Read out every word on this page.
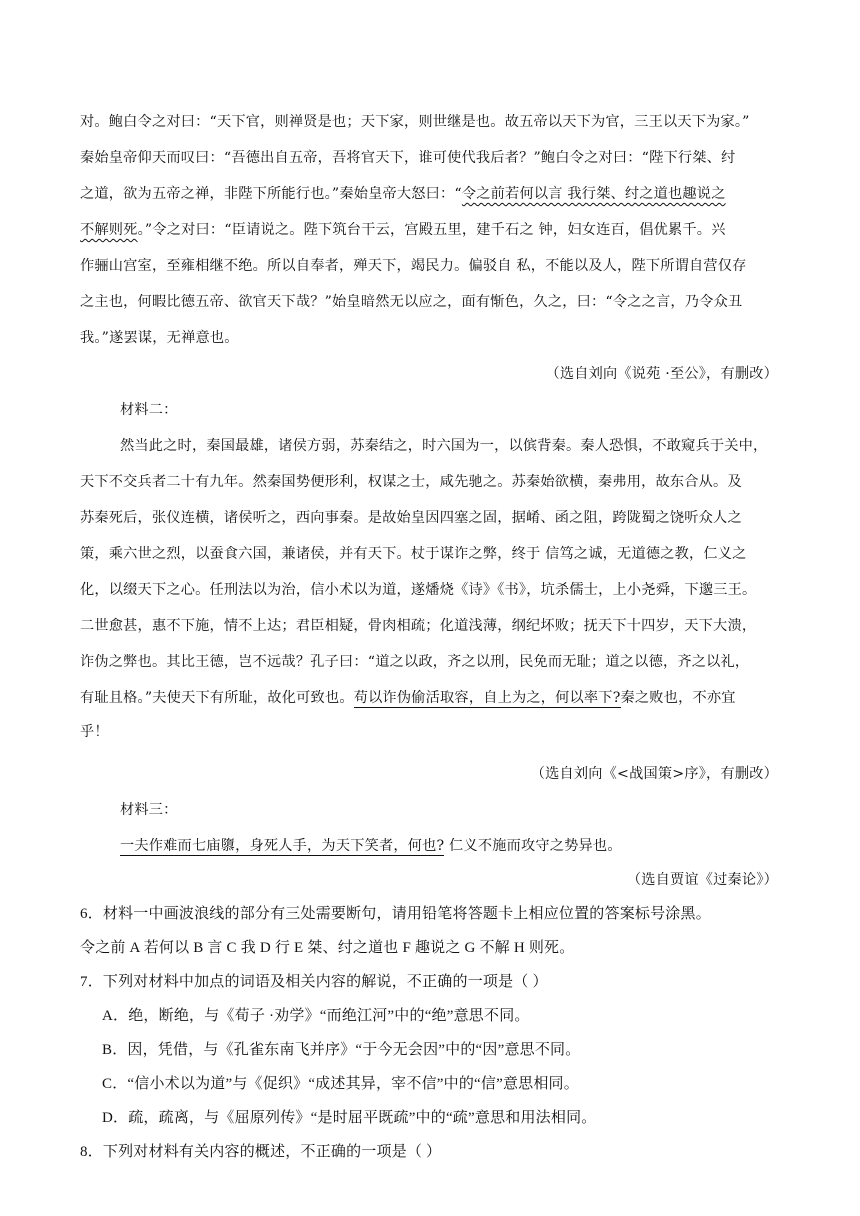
对。鲍白令之对曰：“天下官，则禅贤是也；天下家，则世继是也。故五帝以天下为官，三王以天下为家。”
秦始皇帝仰天而叹曰：“吾德出自五帝，吾将官天下，谁可使代我后者？”鲍白令之对曰：“陛下行桀、纣
之道，欲为五帝之禅，非陛下所能行也。”秦始皇帝大怒曰：“令之前若何以言 我行桀、纣之道也趣说之
不解则死。”令之对曰：“臣请说之。陛下筑台干云，宫殿五里，建千石之 钟，妇女连百，倡优累千。兴
作骊山宫室，至雍相继不绝。所以自奉者，殚天下，竭民力。偏驳自 私，不能以及人，陛下所谓自营仅存
之主也，何暇比德五帝、欲官天下哉？”始皇暗然无以应之，面有惭色，久之，曰：“令之之言，乃令众丑
我。”遂罢谋，无禅意也。
（选自刘向《说苑 ·至公》，有删改）
材料二：
然当此之时，秦国最雄，诸侯方弱，苏秦结之，时六国为一，以傧背秦。秦人恐惧，不敢窥兵于关中，
天下不交兵者二十有九年。然秦国势便形利，权谋之士，咸先驰之。苏秦始欲横，秦弗用，故东合从。及
苏秦死后，张仪连横，诸侯听之，西向事秦。是故始皇因四塞之固，据崤、函之阻，跨陇蜀之饶听众人之
策，乘六世之烈，以蚕食六国，兼诸侯，并有天下。杖于谋诈之弊，终于 信笃之诚，无道德之教，仁义之
化，以缀天下之心。任刑法以为治，信小术以为道，遂燔烧《诗》《书》，坑杀儒士，上小尧舜，下邈三王。
二世愈甚，惠不下施，情不上达；君臣相疑，骨肉相疏；化道浅薄，纲纪坏败；抚天下十四岁，天下大溃，
诈伪之弊也。其比王德，岂不远哉？孔子曰：“道之以政，齐之以刑，民免而无耻；道之以德，齐之以礼，
有耻且格。”夫使天下有所耻，故化可致也。苟以诈伪偷活取容，自上为之，何以率下?秦之败也，不亦宜
乎！
（选自刘向《<战国策>序》，有删改）
材料三：
一夫作难而七庙隳，身死人手，为天下笑者，何也? 仁义不施而攻守之势异也。
（选自贾谊《过秦论》）
6．材料一中画波浪线的部分有三处需要断句，请用铅笔将答题卡上相应位置的答案标号涂黑。
令之前 A 若何以 B 言 C 我 D 行 E 桀、纣之道也 F 趣说之 G 不解 H 则死。
7．下列对材料中加点的词语及相关内容的解说，不正确的一项是（ ）
A．绝，断绝，与《荀子 ·劝学》“而绝江河”中的“绝”意思不同。
B．因，凭借，与《孔雀东南飞并序》“于今无会因”中的“因”意思不同。
C．“信小术以为道”与《促织》“成述其异，宰不信”中的“信”意思相同。
D．疏，疏离，与《屈原列传》“是时屈平既疏”中的“疏”意思和用法相同。
8．下列对材料有关内容的概述，不正确的一项是（ ）
